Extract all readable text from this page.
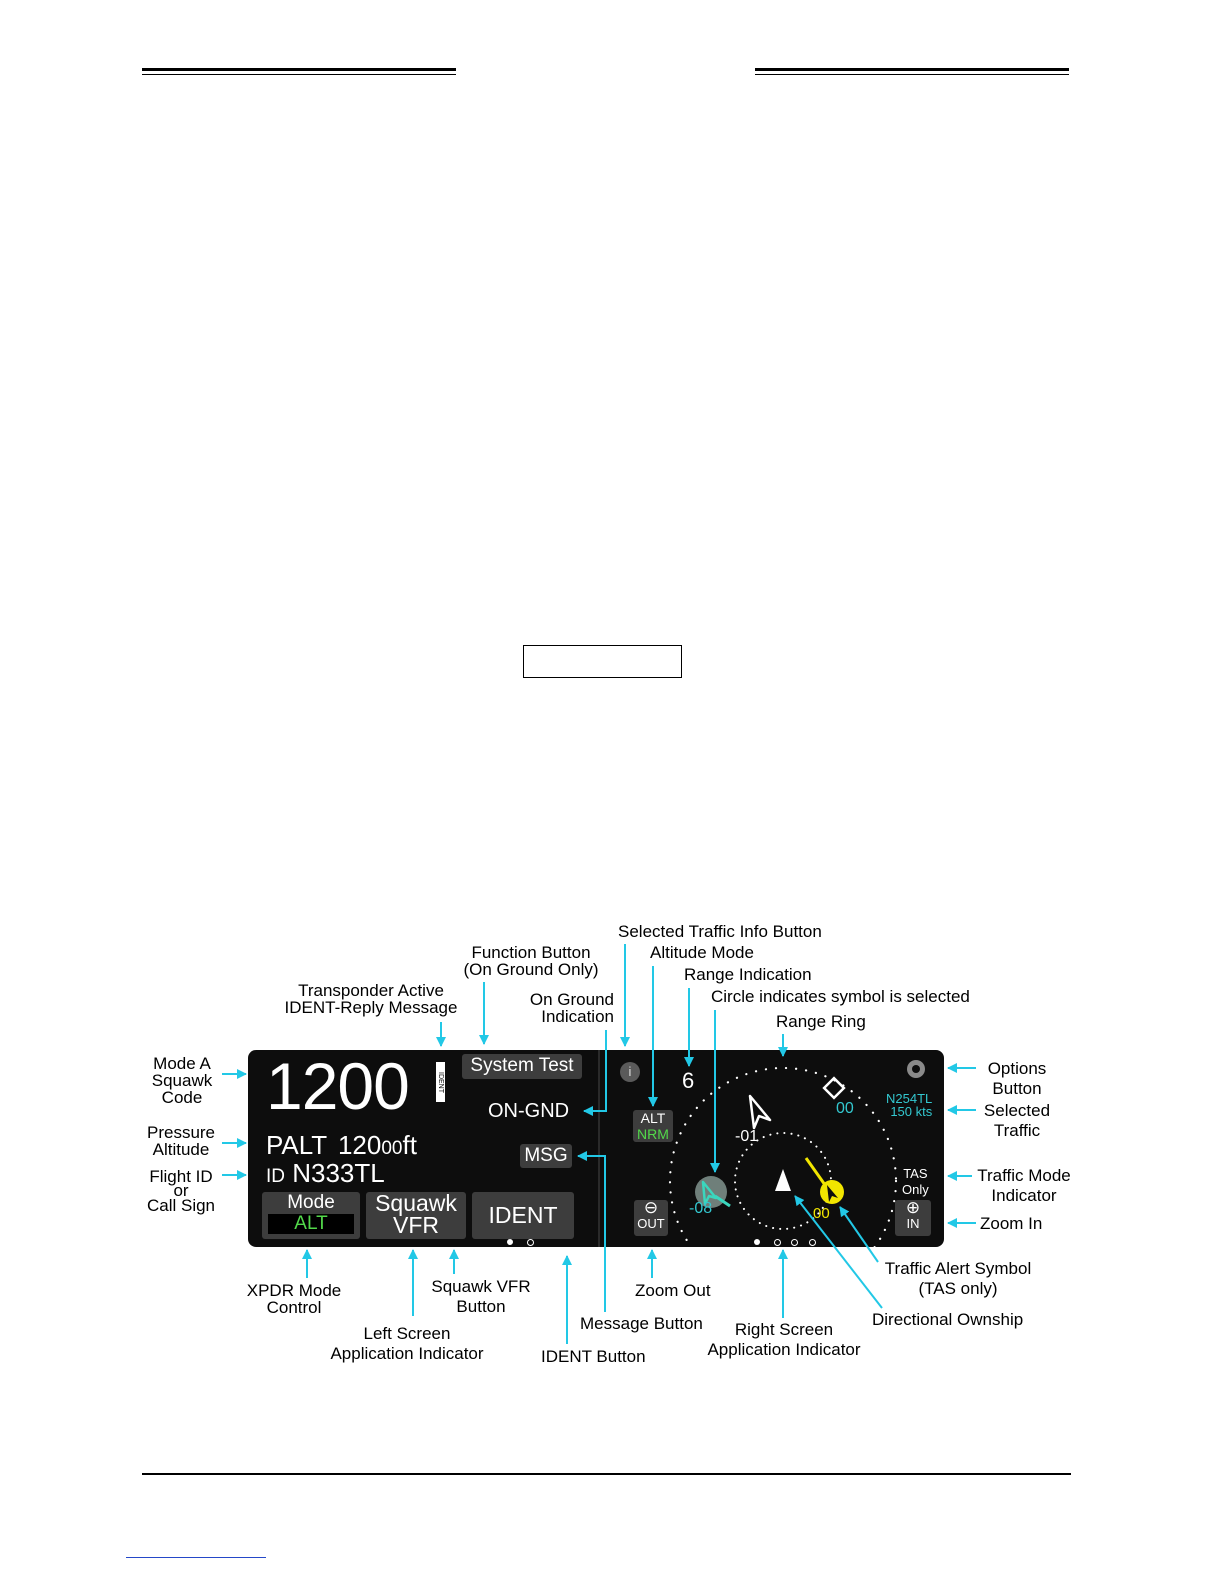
1200	IDENT
System Test
ON-GND
PALT 12000ft
ID N333TL
MSG
Mode
ALT
Squawk
VFR	IDENT
i	6
ALT
NRM
⊖
OUT
00
-01
-08	00
N254TL
150 kts
TAS
Only
⊕
IN
Mode A
Squawk
Code
Pressure
Altitude
Flight ID
or
Call Sign
Transponder Active
IDENT-Reply Message
Function Button
(On Ground Only)
On Ground
Indication
Selected Traffic Info Button
Altitude Mode
Range Indication
Circle indicates symbol is selected
Range Ring
Options
Button
Selected
Traffic
Traffic Mode
Indicator
Zoom In
XPDR Mode
Control
Squawk VFR
Button
Left Screen
Application Indicator	IDENT Button
Message Button
Zoom Out
Right Screen
Application Indicator
Traffic Alert Symbol
(TAS only)
Directional Ownship
